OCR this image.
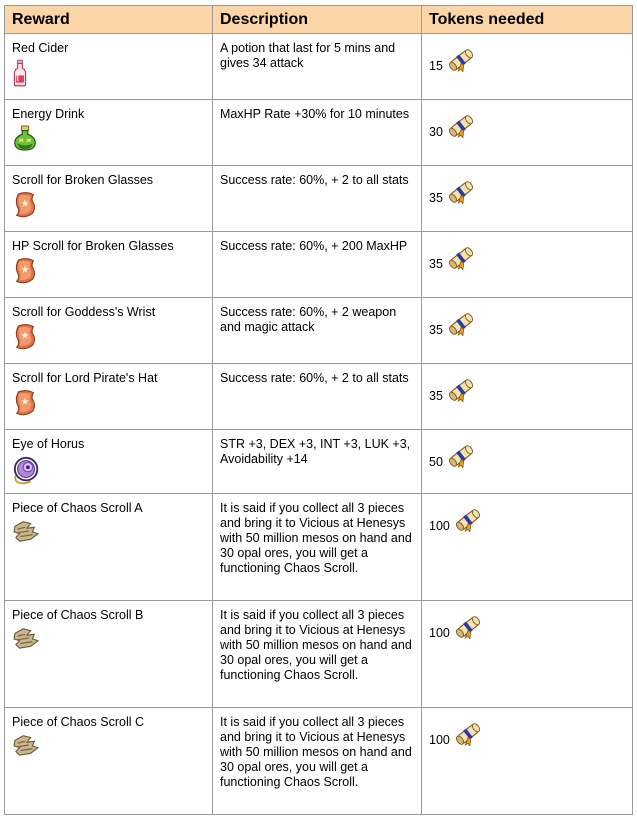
Reward	Description	Tokens needed

Red Cider	A potion that last for 5 mins and gives 34 attack	15

Energy Drink	MaxHP Rate +30% for 10 minutes	30

Scroll for Broken Glasses	Success rate: 60%, + 2 to all stats	35

HP Scroll for Broken Glasses	Success rate: 60%, + 200 MaxHP	35

Scroll for Goddess's Wrist	Success rate: 60%, + 2 weapon and magic attack	35

Scroll for Lord Pirate's Hat	Success rate: 60%, + 2 to all stats	35

Eye of Horus	STR +3, DEX +3, INT +3, LUK +3, Avoidability +14	50

Piece of Chaos Scroll A	It is said if you collect all 3 pieces and bring it to Vicious at Henesys with 50 million mesos on hand and 30 opal ores, you will get a functioning Chaos Scroll.	100

Piece of Chaos Scroll B	It is said if you collect all 3 pieces and bring it to Vicious at Henesys with 50 million mesos on hand and 30 opal ores, you will get a functioning Chaos Scroll.	100

Piece of Chaos Scroll C	It is said if you collect all 3 pieces and bring it to Vicious at Henesys with 50 million mesos on hand and 30 opal ores, you will get a functioning Chaos Scroll.	100
